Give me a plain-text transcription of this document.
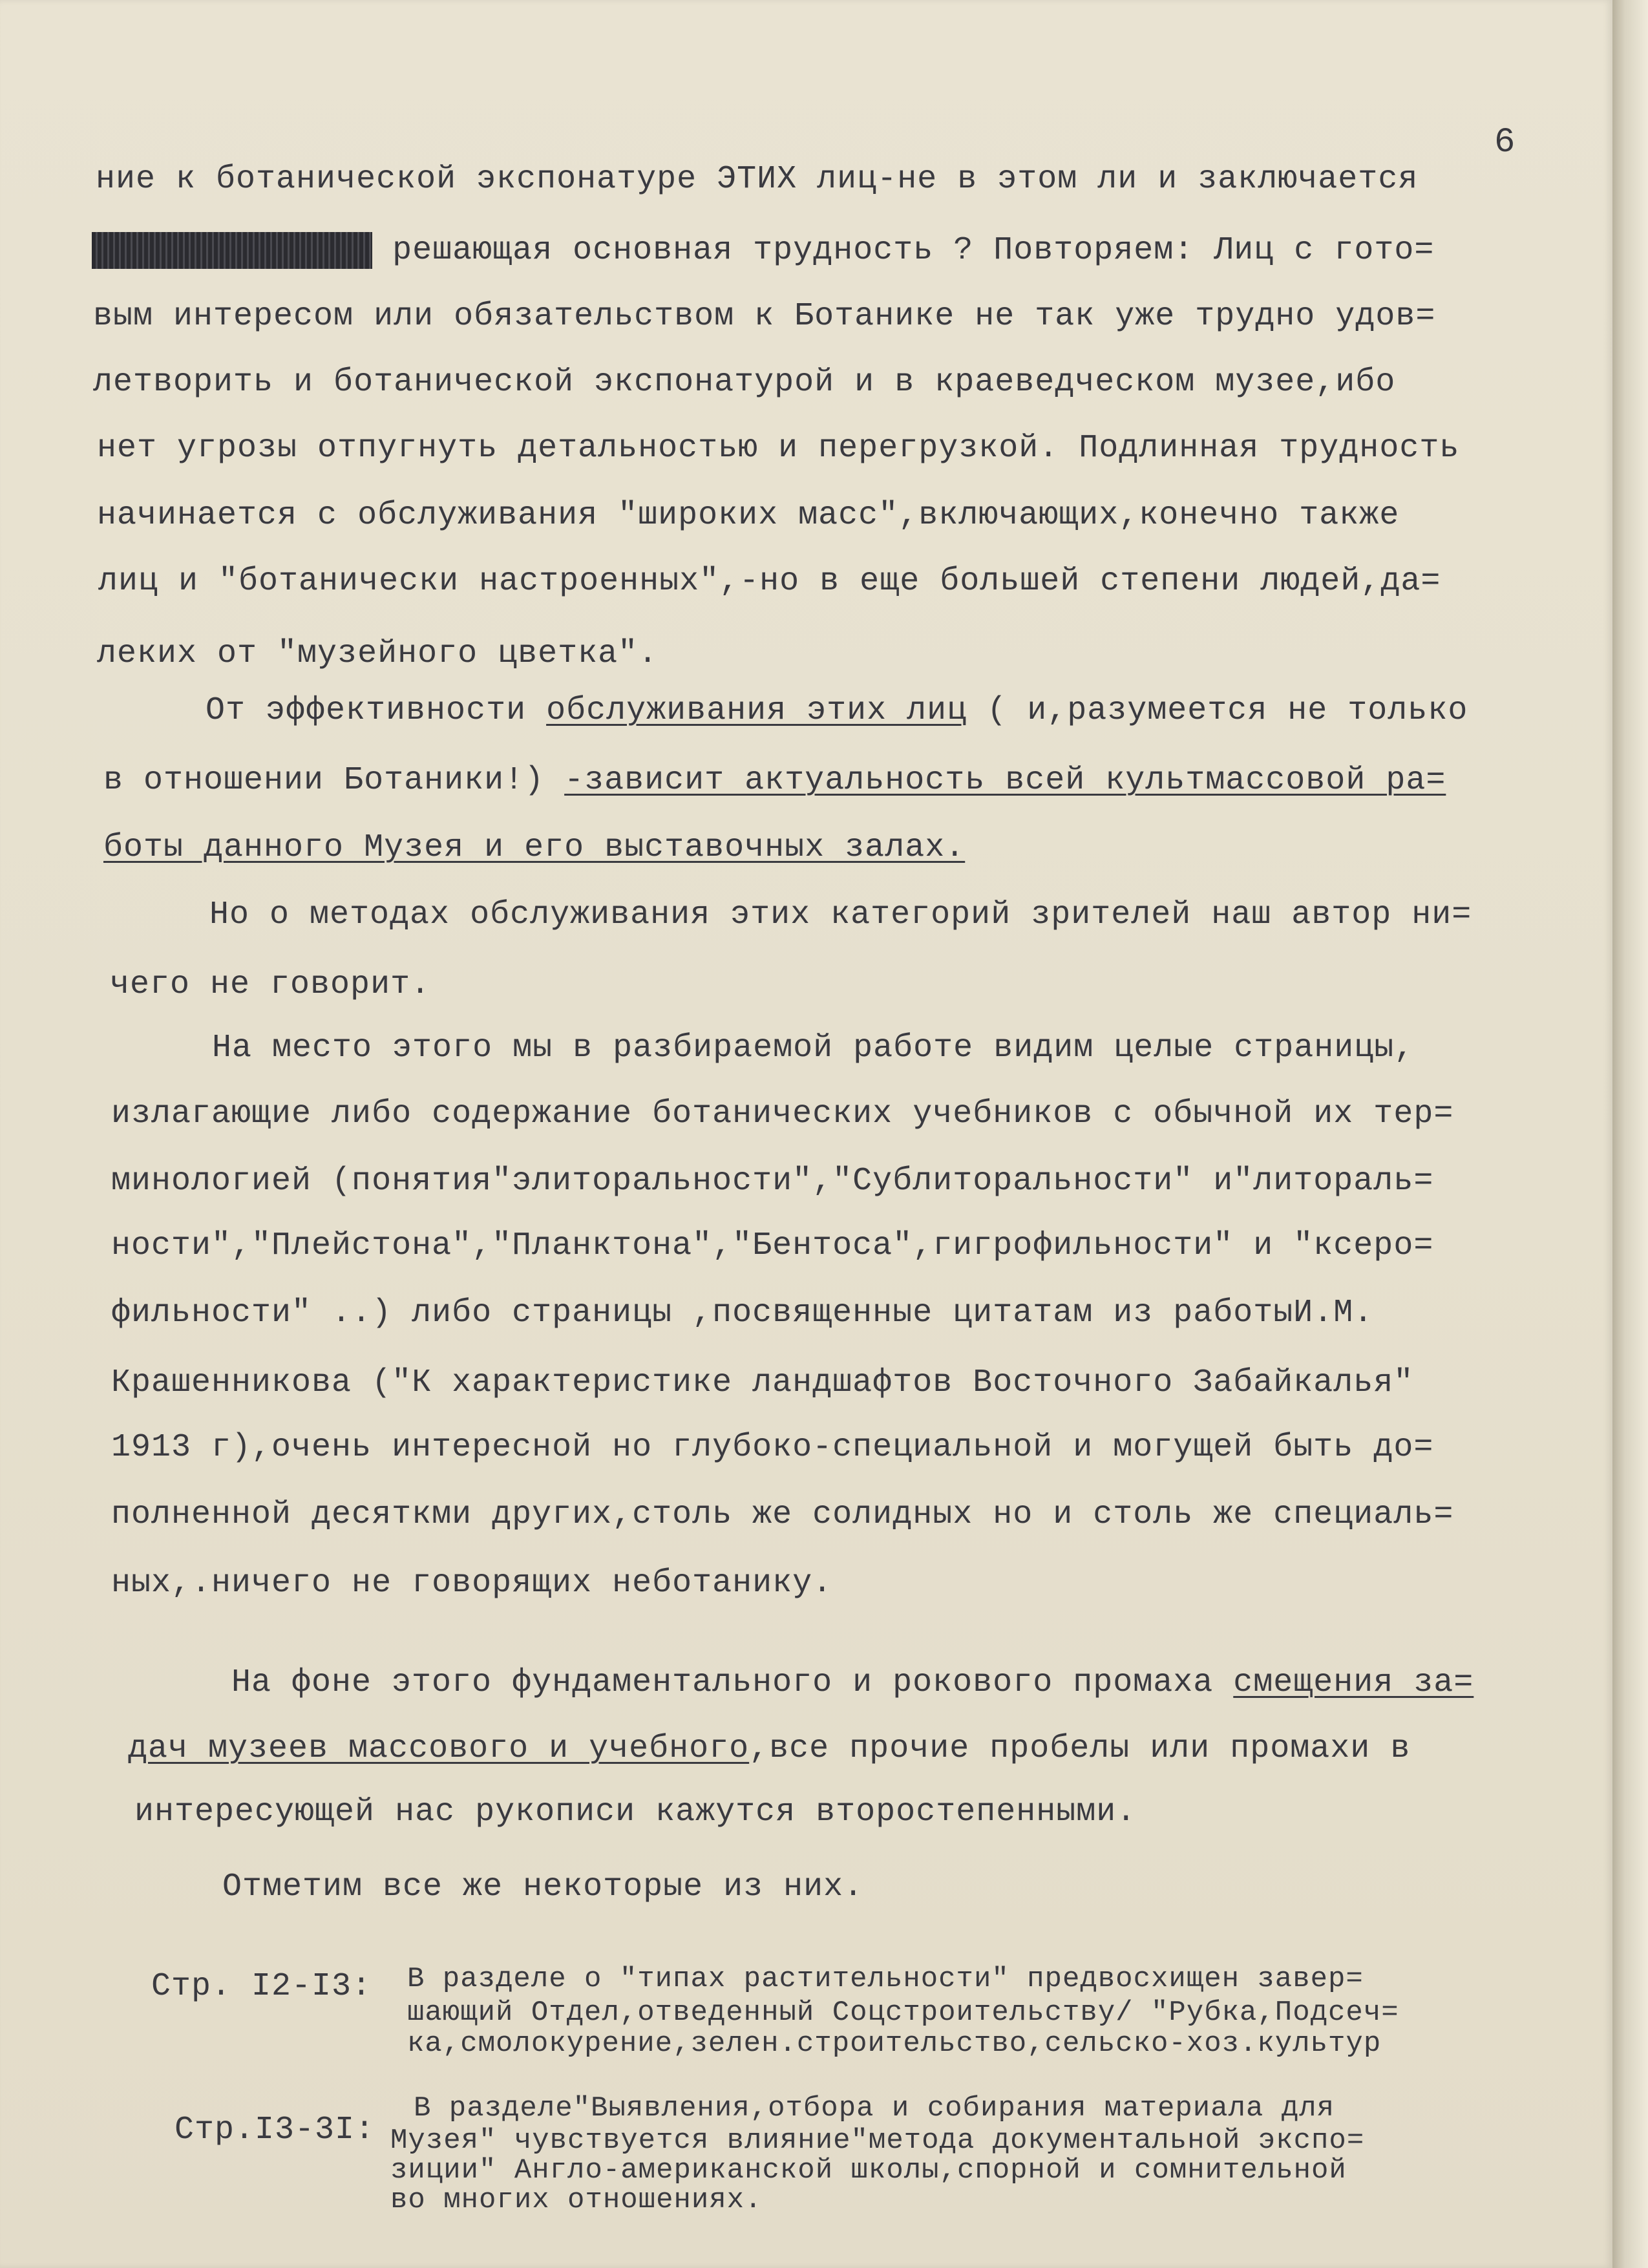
6
ние к ботанической экспонатуре ЭТИХ лиц-не в этом ли и заключается
решающая основная трудность ? Повторяем: Лиц с гото=
вым интересом или обязательством к Ботанике не так уже трудно удов=
летворить и ботанической экспонатурой и в краеведческом музее,ибо
нет угрозы отпугнуть детальностью и перегрузкой. Подлинная трудность
начинается с обслуживания "широких масс",включающих,конечно также
лиц и "ботанически настроенных",-но в еще большей степени людей,да=
леких от "музейного цветка".
От эффективности обслуживания этих лиц ( и,разумеется не только
в отношении Ботаники!) -зависит актуальность всей культмассовой ра=
боты данного Музея и его выставочных залах.
Но о методах обслуживания этих категорий зрителей наш автор ни=
чего не говорит.
На место этого мы в разбираемой работе видим целые страницы,
излагающие либо содержание ботанических учебников с обычной их тер=
минологией (понятия"элиторальности","Сублиторальности" и"литораль=
ности","Плейстона","Планктона","Бентоса",гигрофильности" и "ксеро=
фильности" ..) либо страницы ,посвященные цитатам из работыИ.М.
Крашенникова ("К характеристике ландшафтов Восточного Забайкалья"
1913 г),очень интересной но глубоко-специальной и могущей быть до=
полненной десяткми других,столь же солидных но и столь же специаль=
ных,.ничего не говорящих неботанику.
На фоне этого фундаментального и рокового промаха смещения за=
дач музеев массового и учебного,все прочие пробелы или промахи в
интересующей нас рукописи кажутся второстепенными.
Отметим все же некоторые из них.
Стр. I2-I3: В разделе о "типах растительности" предвосхищен завер=
шающий Отдел,отведенный Соцстроительству/ "Рубка,Подсеч=
ка,смолокурение,зелен.строительство,сельско-хоз.культур
Стр.I3-3I:
В разделе"Выявления,отбора и собирания материала для
Музея" чувствуется влияние"метода документальной экспо=
зиции" Англо-американской школы,спорной и сомнительной
во многих отношениях.
